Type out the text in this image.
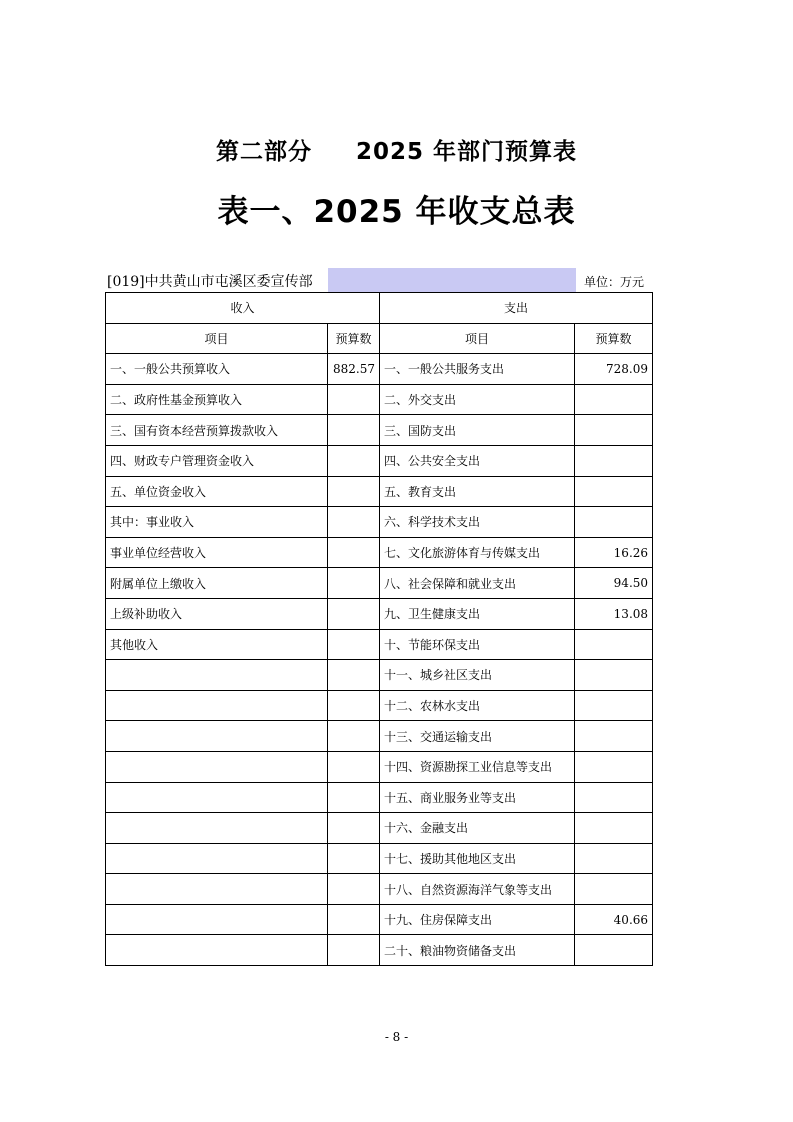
第二部分 2025 年部门预算表
表一、2025 年收支总表
[019]中共黄山市屯溪区委宣传部	单位：万元
收入		支出	
项目	预算数	项目	预算数
一、一般公共预算收入	882.57	一、一般公共服务支出	728.09
二、政府性基金预算收入		二、外交支出	
三、国有资本经营预算拨款收入		三、国防支出	
四、财政专户管理资金收入		四、公共安全支出	
五、单位资金收入		五、教育支出	
其中：事业收入		六、科学技术支出	
事业单位经营收入		七、文化旅游体育与传媒支出	16.26
附属单位上缴收入		八、社会保障和就业支出	94.50
上级补助收入		九、卫生健康支出	13.08
其他收入		十、节能环保支出	
		十一、城乡社区支出	
		十二、农林水支出	
		十三、交通运输支出	
		十四、资源勘探工业信息等支出	
		十五、商业服务业等支出	
		十六、金融支出	
		十七、援助其他地区支出	
		十八、自然资源海洋气象等支出	
		十九、住房保障支出	40.66
		二十、粮油物资储备支出	
- 8 -
